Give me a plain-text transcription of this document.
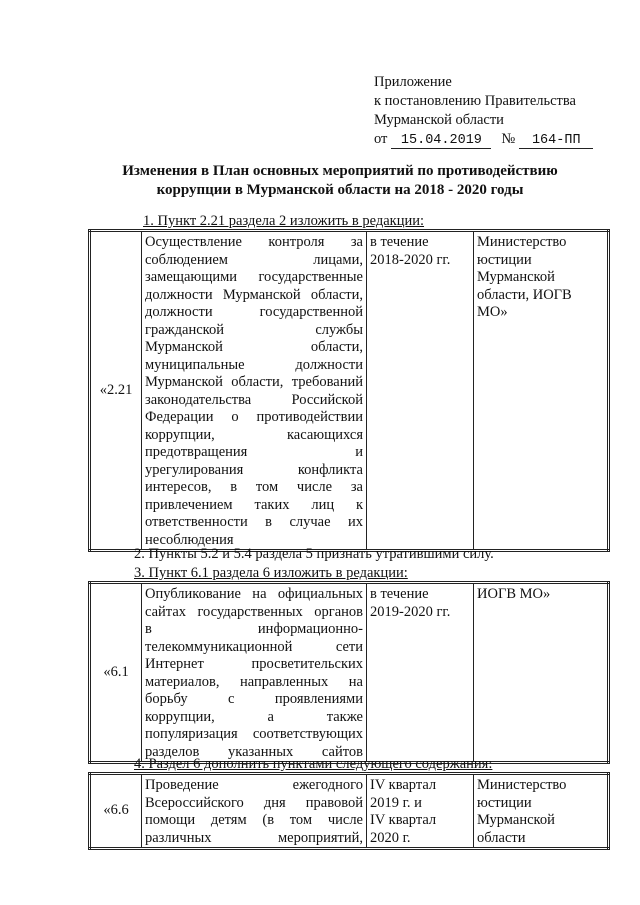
Приложение
к постановлению Правительства
Мурманской области
от 15.04.2019 № 164-ПП
Изменения в План основных мероприятий по противодействию
коррупции в Мурманской области на 2018 - 2020 годы
1. Пункт 2.21 раздела 2 изложить в редакции:
«2.21	
Осуществление контроля за
соблюдением лицами,
замещающими государственные
должности Мурманской области,
должности государственной
гражданской службы
Мурманской области,
муниципальные должности
Мурманской области, требований
законодательства Российской
Федерации о противодействии
коррупции, касающихся
предотвращения и
урегулирования конфликта
интересов, в том числе за
привлечением таких лиц к
ответственности в случае их
несоблюдения

в течение
2018-2020 гг.

Министерство
юстиции
Мурманской
области, ИОГВ
МО»
2. Пункты 5.2 и 5.4 раздела 5 признать утратившими силу.
3. Пункт 6.1 раздела 6 изложить в редакции:
«6.1	
Опубликование на официальных
сайтах государственных органов
в информационно-
телекоммуникационной сети
Интернет просветительских
материалов, направленных на
борьбу с проявлениями
коррупции, а также
популяризация соответствующих
разделов указанных сайтов

в течение
2019-2020 гг.

ИОГВ МО»
4. Раздел 6 дополнить пунктами следующего содержания:
«6.6	
Проведение ежегодного
Всероссийского дня правовой
помощи детям (в том числе
различных мероприятий,

IV квартал
2019 г. и
IV квартал
2020 г.

Министерство
юстиции
Мурманской
области
